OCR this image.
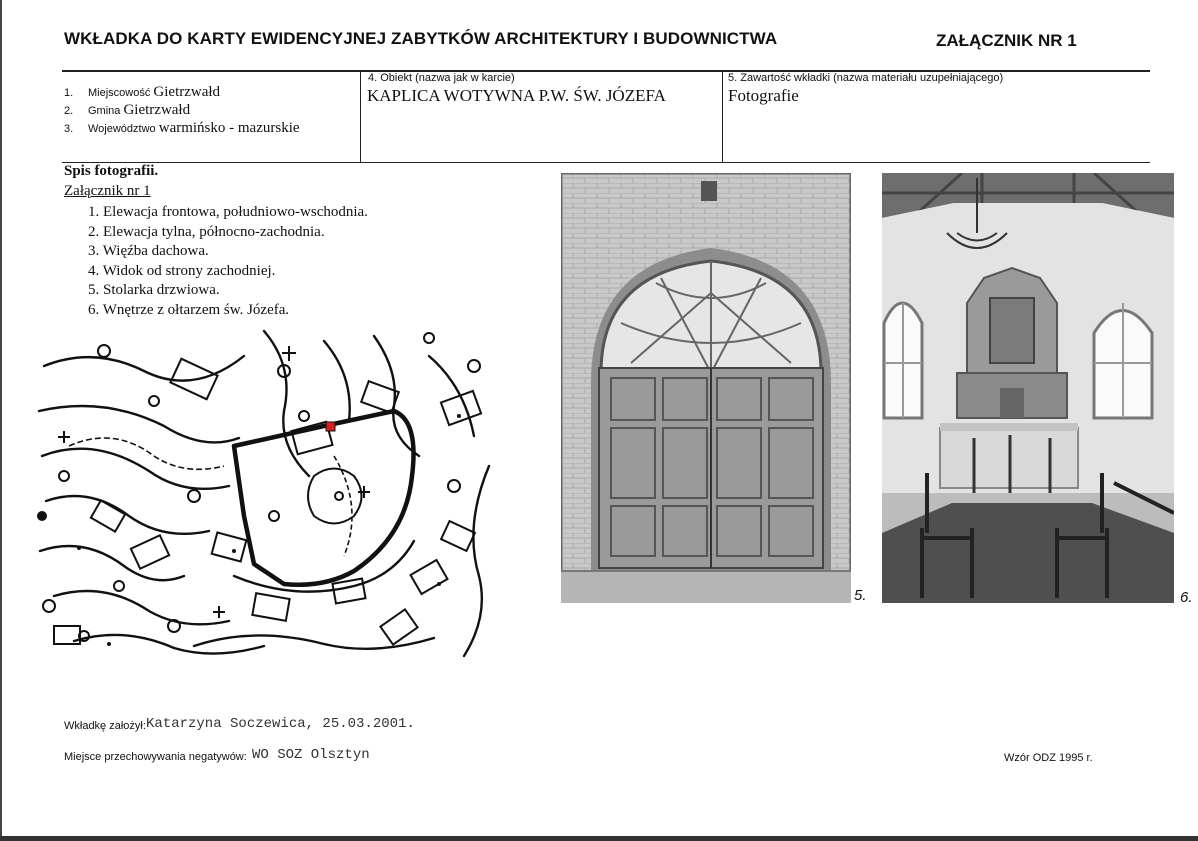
WKŁADKA DO KARTY EWIDENCYJNEJ ZABYTKÓW ARCHITEKTURY I BUDOWNICTWA	ZAŁĄCZNIK NR 1
1. Miejscowość Gietrzwałd
2. Gmina Gietrzwałd
3. Województwo warmińsko - mazurskie
4. Obiekt (nazwa jak w karcie)
KAPLICA WOTYWNA P.W. ŚW. JÓZEFA
5. Zawartość wkładki (nazwa materiału uzupełniającego)
Fotografie
Spis fotografii.
Załącznik nr 1
1. Elewacja frontowa, południowo-wschodnia.
2. Elewacja tylna, północno-zachodnia.
3. Więźba dachowa.
4. Widok od strony zachodniej.
5. Stolarka drzwiowa.
6. Wnętrze z ołtarzem św. Józefa.
5.	6.
Wkładkę założył: Katarzyna Soczewica, 25.03.2001.
Miejsce przechowywania negatywów: WO SOZ Olsztyn	Wzór ODZ 1995 r.
